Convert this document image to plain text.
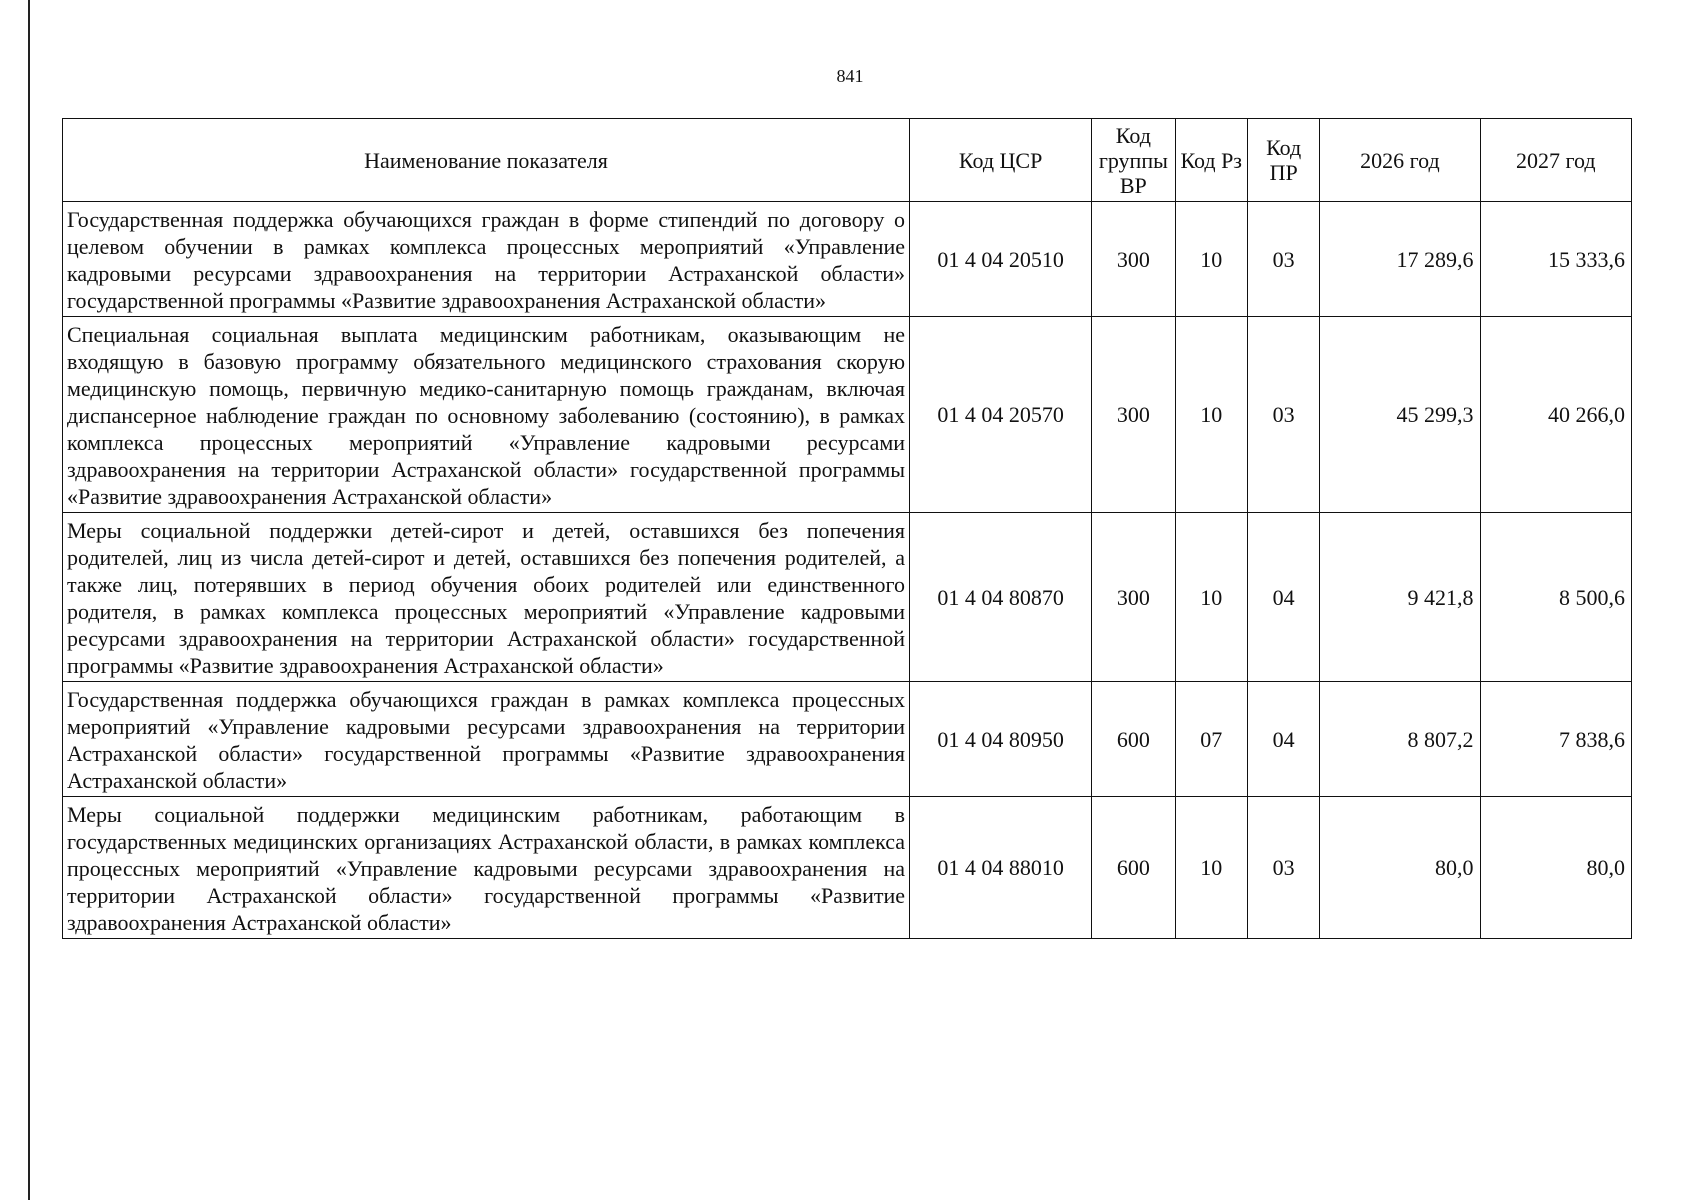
841
Наименование показателя	Код ЦСР	Код группы ВР	Код Рз	Код ПР	2026 год	2027 год
Государственная поддержка обучающихся граждан в форме стипендий по договору о целевом обучении в рамках комплекса процессных мероприятий «Управление кадровыми ресурсами здравоохранения на территории Астраханской области» государственной программы «Развитие здравоохранения Астраханской области»	01 4 04 20510	300	10	03	17 289,6	15 333,6
Специальная социальная выплата медицинским работникам, оказывающим не входящую в базовую программу обязательного медицинского страхования скорую медицинскую помощь, первичную медико-санитарную помощь гражданам, включая диспансерное наблюдение граждан по основному заболеванию (состоянию), в рамках комплекса процессных мероприятий «Управление кадровыми ресурсами здравоохранения на территории Астраханской области» государственной программы «Развитие здравоохранения Астраханской области»	01 4 04 20570	300	10	03	45 299,3	40 266,0
Меры социальной поддержки детей-сирот и детей, оставшихся без попечения родителей, лиц из числа детей-сирот и детей, оставшихся без попечения родителей, а также лиц, потерявших в период обучения обоих родителей или единственного родителя, в рамках комплекса процессных мероприятий «Управление кадровыми ресурсами здравоохранения на территории Астраханской области» государственной программы «Развитие здравоохранения Астраханской области»	01 4 04 80870	300	10	04	9 421,8	8 500,6
Государственная поддержка обучающихся граждан в рамках комплекса процессных мероприятий «Управление кадровыми ресурсами здравоохранения на территории Астраханской области» государственной программы «Развитие здравоохранения Астраханской области»	01 4 04 80950	600	07	04	8 807,2	7 838,6
Меры социальной поддержки медицинским работникам, работающим в государственных медицинских организациях Астраханской области, в рамках комплекса процессных мероприятий «Управление кадровыми ресурсами здравоохранения на территории Астраханской области» государственной программы «Развитие здравоохранения Астраханской области»	01 4 04 88010	600	10	03	80,0	80,0
